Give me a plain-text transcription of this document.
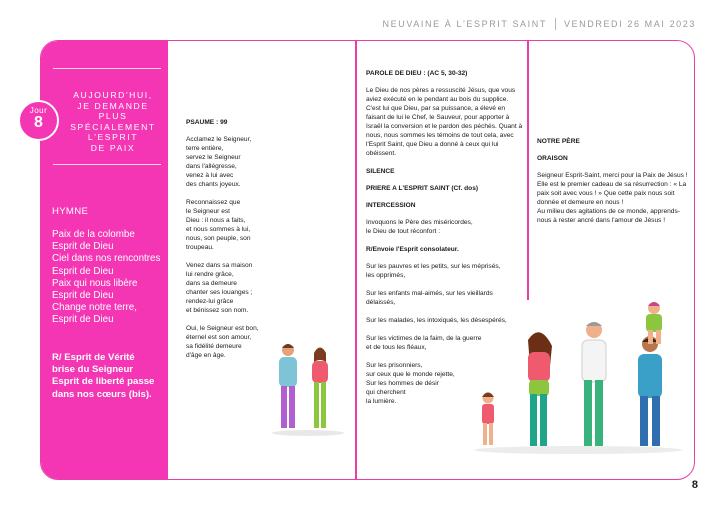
NEUVAINE À L'ESPRIT SAINT VENDREDI 26 MAI 2023
AUJOURD'HUI,
JE DEMANDE
PLUS
SPÉCIALEMENT
L'ESPRIT
DE PAIX
HYMNE
Paix de la colombe
Esprit de Dieu
Ciel dans nos rencontres
Esprit de Dieu
Paix qui nous libère
Esprit de Dieu
Change notre terre,
Esprit de Dieu
R/ Esprit de Vérité
brise du Seigneur
Esprit de liberté passe
dans nos cœurs (bis).
Jour
8	PSAUME : 99

Acclamez le Seigneur,
terre entière,
servez le Seigneur
dans l'allégresse,
venez à lui avec
des chants joyeux.

Reconnaissez que
le Seigneur est
Dieu : il nous a faits,
et nous sommes à lui,
nous, son peuple, son
troupeau.

Venez dans sa maison
lui rendre grâce,
dans sa demeure
chanter ses louanges ;
rendez-lui grâce
et bénissez son nom.

Oui, le Seigneur est bon,
éternel est son amour,
sa fidélité demeure
d'âge en âge.

PAROLE DE DIEU : (AC 5, 30-32)

Le Dieu de nos pères a ressuscité Jésus, que vous aviez exécuté en le pendant au bois du supplice. C'est lui que Dieu, par sa puissance, a élevé en faisant de lui le Chef, le Sauveur, pour apporter à Israël la conversion et le pardon des péchés. Quant à nous, nous sommes les témoins de tout cela, avec l'Esprit Saint, que Dieu a donné à ceux qui lui obéissent.

SILENCE

PRIERE A L'ESPRIT SAINT (Cf. dos)

INTERCESSION

Invoquons le Père des miséricordes,
le Dieu de tout réconfort :

R/Envoie l'Esprit consolateur.

Sur les pauvres et les petits, sur les méprisés,
les opprimés,

Sur les enfants mal-aimés, sur les vieillards
délaissés,

Sur les malades, les intoxiqués, les désespérés,

Sur les victimes de la faim, de la guerre
et de tous les fléaux,

Sur les prisonniers,
sur ceux que le monde rejette,
Sur les hommes de désir
qui cherchent
la lumière.

NOTRE PÈRE

ORAISON

Seigneur Esprit-Saint, merci pour la Paix de Jésus ! Elle est le premier cadeau de sa résurrection : « La paix soit avec vous ! » Que cette paix nous soit donnée et demeure en nous !
Au milieu des agitations de ce monde, apprends-nous à rester ancré dans l'amour de Jésus !

8
